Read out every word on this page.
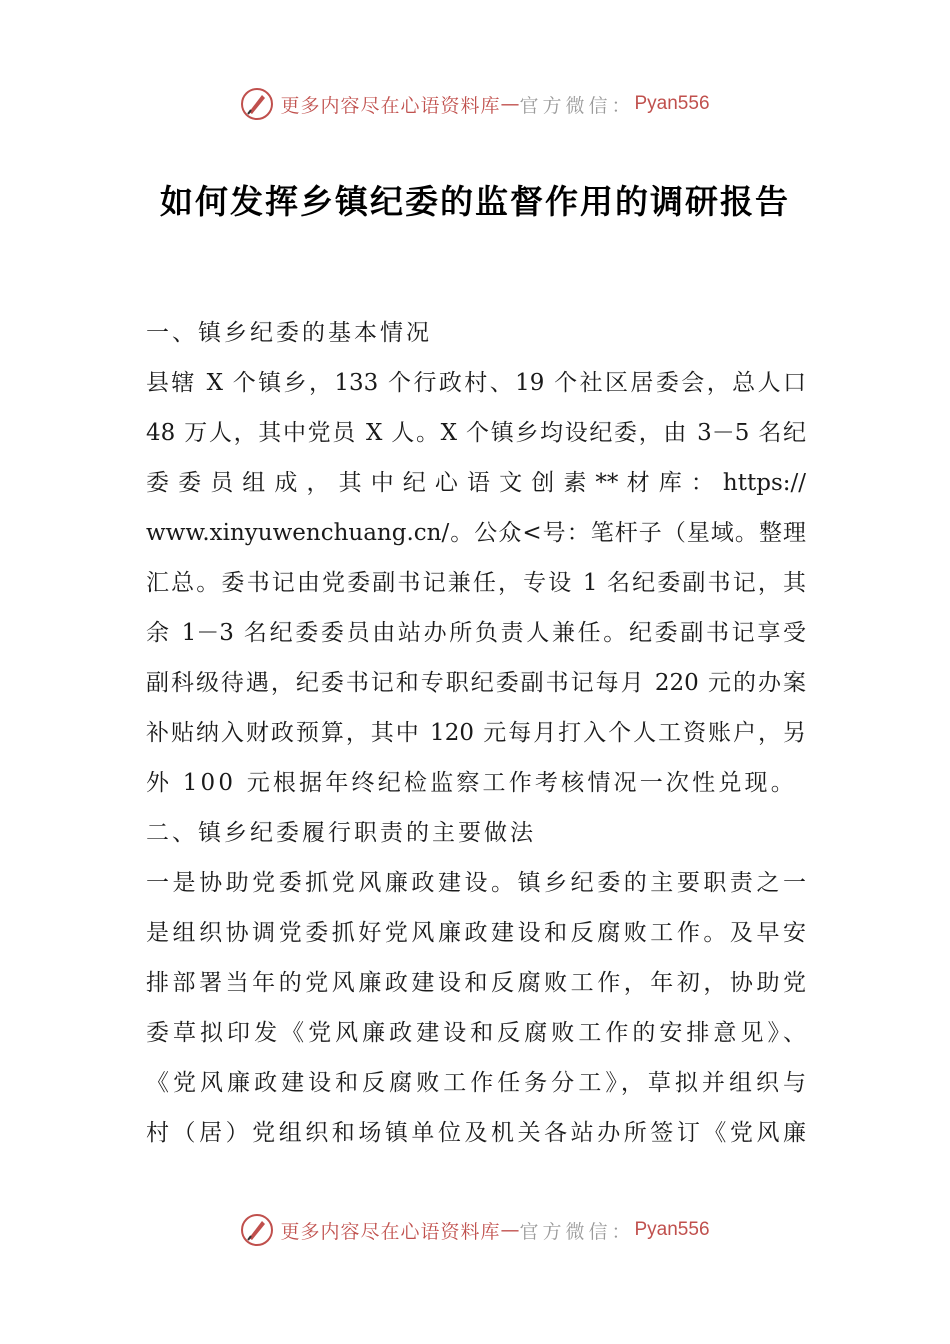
更多内容尽在心语资料库 — 官方微信： Pyan556
如何发挥乡镇纪委的监督作用的调研报告
一、镇乡纪委的基本情况
县辖 X 个镇乡，133 个行政村、19 个社区居委会，总人口
48 万人，其中党员 X 人。X 个镇乡均设纪委，由 3－5 名纪
委 委 员 组 成 ， 其 中 纪 心 语 文 创 素 ** 材 库 ： https://
www.xinyuwenchuang.cn/。公众<号：笔杆子（星域。整理
汇总。委书记由党委副书记兼任，专设 1 名纪委副书记，其
余 1－3 名纪委委员由站办所负责人兼任。纪委副书记享受
副科级待遇，纪委书记和专职纪委副书记每月 220 元的办案
补贴纳入财政预算，其中 120 元每月打入个人工资账户，另
外 100 元根据年终纪检监察工作考核情况一次性兑现。
二、镇乡纪委履行职责的主要做法
一是协助党委抓党风廉政建设。镇乡纪委的主要职责之一
是组织协调党委抓好党风廉政建设和反腐败工作。及早安
排部署当年的党风廉政建设和反腐败工作，年初，协助党
委草拟印发《党风廉政建设和反腐败工作的安排意见》、
《党风廉政建设和反腐败工作任务分工》，草拟并组织与
村（居）党组织和场镇单位及机关各站办所签订《党风廉
更多内容尽在心语资料库 — 官方微信： Pyan556
